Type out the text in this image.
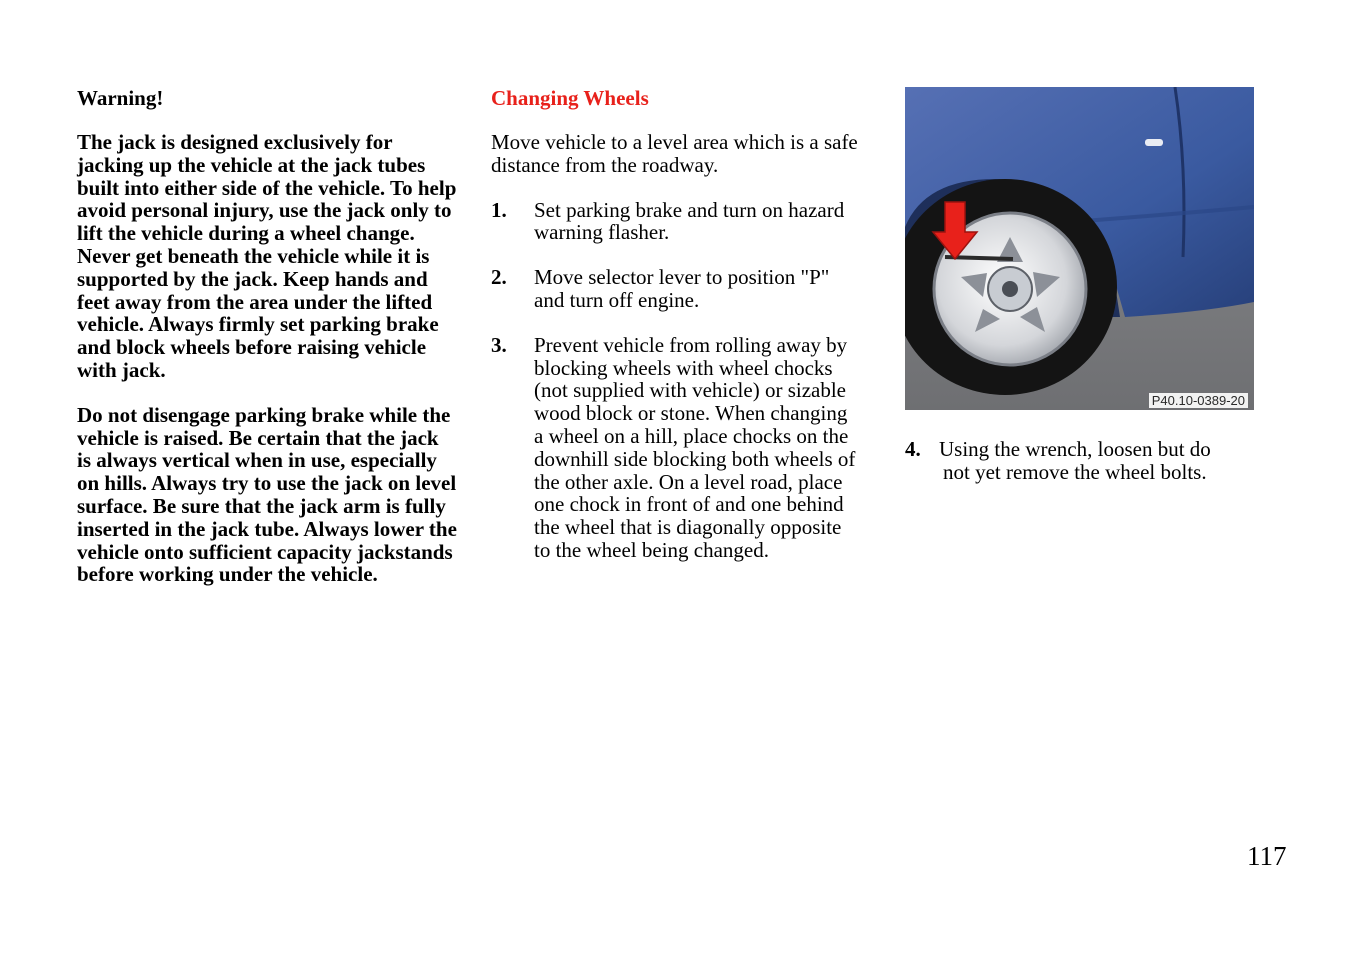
Warning!

The jack is designed exclusively for jacking up the vehicle at the jack tubes built into either side of the vehicle. To help avoid personal injury, use the jack only to lift the vehicle during a wheel change. Never get beneath the vehicle while it is supported by the jack. Keep hands and feet away from the area under the lifted vehicle. Always firmly set parking brake and block wheels before raising vehicle with jack.

Do not disengage parking brake while the vehicle is raised. Be certain that the jack is always vertical when in use, especially on hills. Always try to use the jack on level surface. Be sure that the jack arm is fully inserted in the jack tube. Always lower the vehicle onto sufficient capacity jackstands before working under the vehicle.

Changing Wheels

Move vehicle to a level area which is a safe distance from the roadway.

1.	Set parking brake and turn on hazard warning flasher.
2.	Move selector lever to position "P" and turn off engine.
3.	Prevent vehicle from rolling away by blocking wheels with wheel chocks (not supplied with vehicle) or sizable wood block or stone. When changing a wheel on a hill, place chocks on the downhill side blocking both wheels of the other axle. On a level road, place one chock in front of and one behind the wheel that is diagonally opposite to the wheel being changed.
P40.10-0389-20
4. Using the wrench, loosen but do
not yet remove the wheel bolts.
117
